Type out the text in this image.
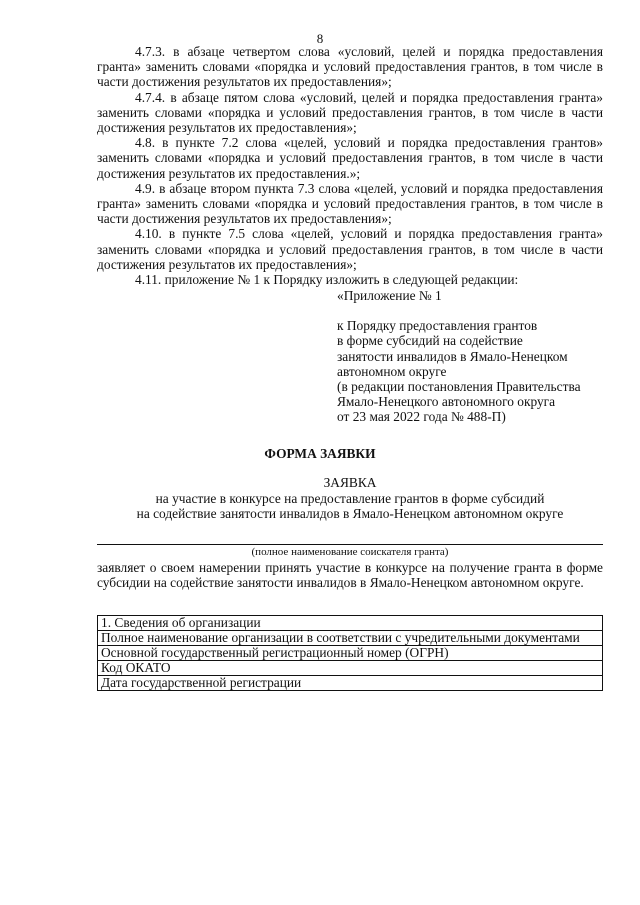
8

4.7.3. в абзаце четвертом слова «условий, целей и порядка предоставления гранта» заменить словами «порядка и условий предоставления грантов, в том числе в части достижения результатов их предоставления»;

4.7.4. в абзаце пятом слова «условий, целей и порядка предоставления гранта» заменить словами «порядка и условий предоставления грантов, в том числе в части достижения результатов их предоставления»;

4.8. в пункте 7.2 слова «целей, условий и порядка предоставления грантов» заменить словами «порядка и условий предоставления грантов, в том числе в части достижения результатов их предоставления.»;

4.9. в абзаце втором пункта 7.3 слова «целей, условий и порядка предоставления гранта» заменить словами «порядка и условий предоставления грантов, в том числе в части достижения результатов их предоставления»;

4.10. в пункте 7.5 слова «целей, условий и порядка предоставления гранта» заменить словами «порядка и условий предоставления грантов, в том числе в части достижения результатов их предоставления»;

4.11. приложение № 1 к Порядку изложить в следующей редакции:

«Приложение № 1
к Порядку предоставления грантов
в форме субсидий на содействие
занятости инвалидов в Ямало-Ненецком
автономном округе
(в редакции постановления Правительства
Ямало-Ненецкого автономного округа
от 23 мая 2022 года № 488-П)
ФОРМА ЗАЯВКИ
ЗАЯВКА
на участие в конкурсе на предоставление грантов в форме субсидий
на содействие занятости инвалидов в Ямало-Ненецком автономном округе
(полное наименование соискателя гранта)

заявляет о своем намерении принять участие в конкурсе на получение гранта в форме субсидии на содействие занятости инвалидов в Ямало-Ненецком автономном округе.

1. Сведения об организации
Полное наименование организации в соответствии с учредительными документами
Основной государственный регистрационный номер (ОГРН)
Код ОКАТО
Дата государственной регистрации
